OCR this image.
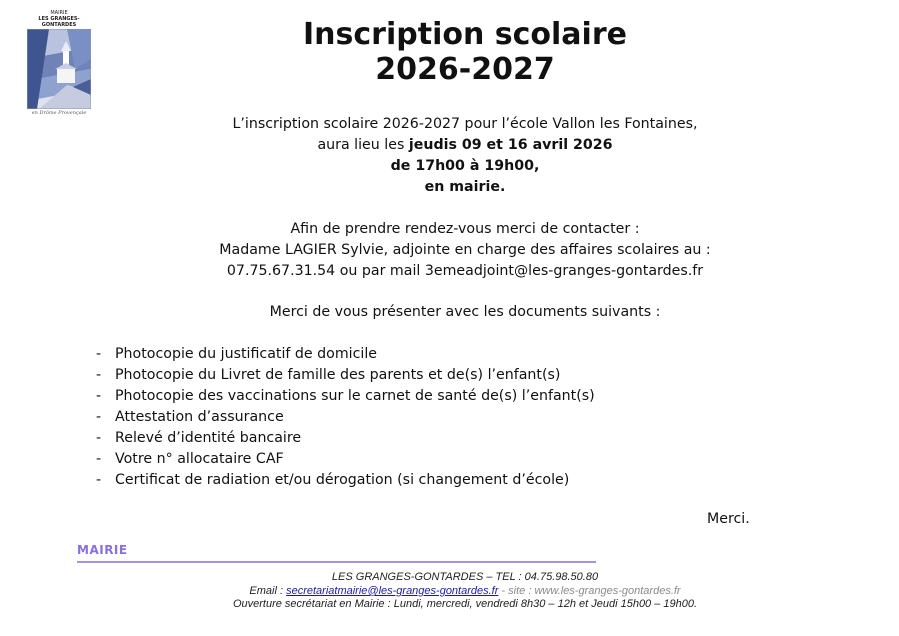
MAIRIE
LES GRANGES-GONTARDES
en Drôme Provençale
Inscription scolaire
2026-2027
L’inscription scolaire 2026-2027 pour l’école Vallon les Fontaines,
aura lieu les jeudis 09 et 16 avril 2026
de 17h00 à 19h00,
en mairie.
Afin de prendre rendez-vous merci de contacter :
Madame LAGIER Sylvie, adjointe en charge des affaires scolaires au :
07.75.67.31.54 ou par mail 3emeadjoint@les-granges-gontardes.fr
Merci de vous présenter avec les documents suivants :
- Photocopie du justificatif de domicile
- Photocopie du Livret de famille des parents et de(s) l’enfant(s)
- Photocopie des vaccinations sur le carnet de santé de(s) l’enfant(s)
- Attestation d’assurance
- Relevé d’identité bancaire
- Votre n° allocataire CAF
- Certificat de radiation et/ou dérogation (si changement d’école)
Merci.
MAIRIE
LES GRANGES-GONTARDES – TEL : 04.75.98.50.80
Email : secretariatmairie@les-granges-gontardes.fr - site : www.les-granges-gontardes.fr
Ouverture secrétariat en Mairie : Lundi, mercredi, vendredi 8h30 – 12h et Jeudi 15h00 – 19h00.
